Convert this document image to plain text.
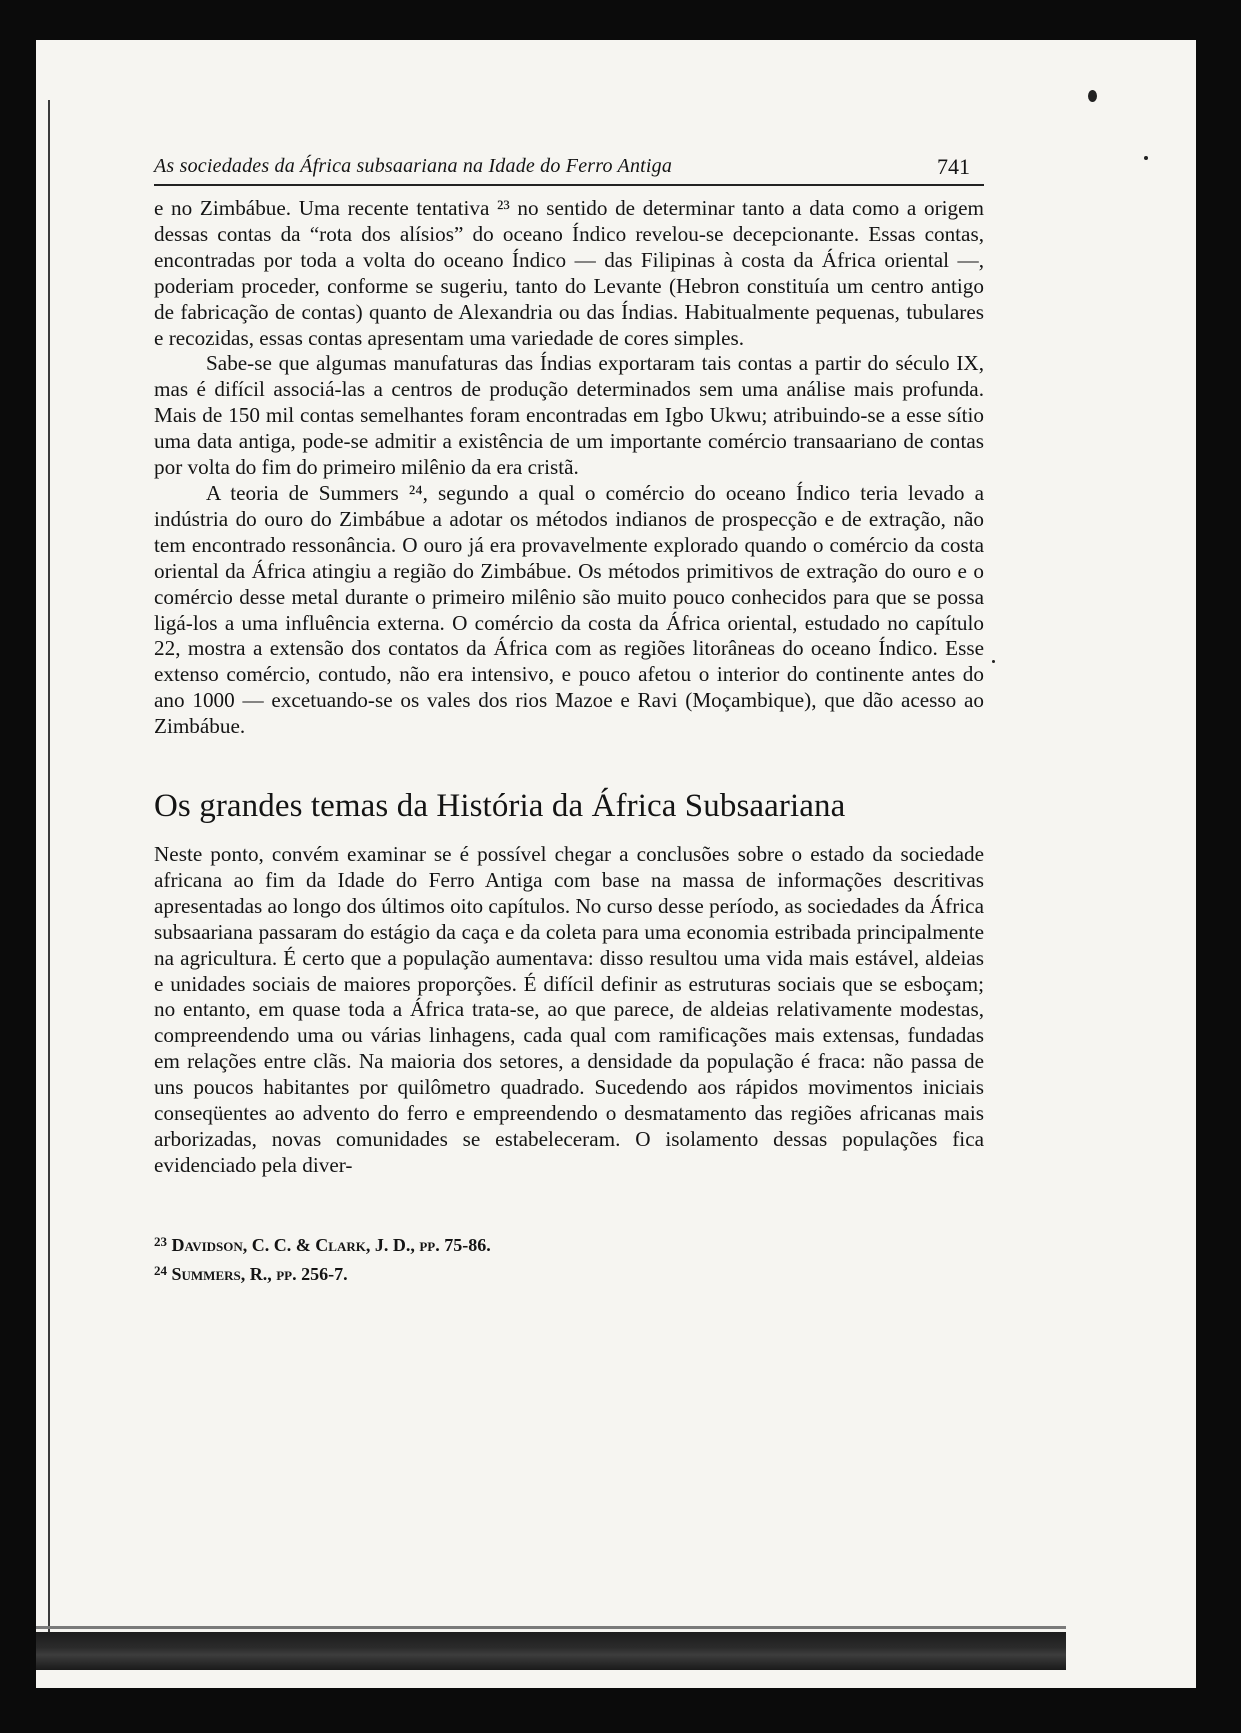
As sociedades da África subsaariana na Idade do Ferro Antiga	741

e no Zimbábue. Uma recente tentativa ²³ no sentido de determinar tanto a data como a origem dessas contas da “rota dos alísios” do oceano Índico revelou-se decepcionante. Essas contas, encontradas por toda a volta do oceano Índico — das Filipinas à costa da África oriental —, poderiam proceder, conforme se sugeriu, tanto do Levante (Hebron constituía um centro antigo de fabricação de contas) quanto de Alexandria ou das Índias. Habitualmente pequenas, tubulares e recozidas, essas contas apresentam uma variedade de cores simples.

Sabe-se que algumas manufaturas das Índias exportaram tais contas a partir do século IX, mas é difícil associá-las a centros de produção determinados sem uma análise mais profunda. Mais de 150 mil contas semelhantes foram encontradas em Igbo Ukwu; atribuindo-se a esse sítio uma data antiga, pode-se admitir a existência de um importante comércio transaariano de contas por volta do fim do primeiro milênio da era cristã.

A teoria de Summers ²⁴, segundo a qual o comércio do oceano Índico teria levado a indústria do ouro do Zimbábue a adotar os métodos indianos de prospecção e de extração, não tem encontrado ressonância. O ouro já era provavelmente explorado quando o comércio da costa oriental da África atingiu a região do Zimbábue. Os métodos primitivos de extração do ouro e o comércio desse metal durante o primeiro milênio são muito pouco conhecidos para que se possa ligá-los a uma influência externa. O comércio da costa da África oriental, estudado no capítulo 22, mostra a extensão dos contatos da África com as regiões litorâneas do oceano Índico. Esse extenso comércio, contudo, não era intensivo, e pouco afetou o interior do continente antes do ano 1000 — excetuando-se os vales dos rios Mazoe e Ravi (Moçambique), que dão acesso ao Zimbábue.

Os grandes temas da História da África Subsaariana

Neste ponto, convém examinar se é possível chegar a conclusões sobre o estado da sociedade africana ao fim da Idade do Ferro Antiga com base na massa de informações descritivas apresentadas ao longo dos últimos oito capítulos. No curso desse período, as sociedades da África subsaariana passaram do estágio da caça e da coleta para uma economia estribada principalmente na agricultura. É certo que a população aumentava: disso resultou uma vida mais estável, aldeias e unidades sociais de maiores proporções. É difícil definir as estruturas sociais que se esboçam; no entanto, em quase toda a África trata-se, ao que parece, de aldeias relativamente modestas, compreendendo uma ou várias linhagens, cada qual com ramificações mais extensas, fundadas em relações entre clãs. Na maioria dos setores, a densidade da população é fraca: não passa de uns poucos habitantes por quilômetro quadrado. Sucedendo aos rápidos movimentos iniciais conseqüentes ao advento do ferro e empreendendo o desmatamento das regiões africanas mais arborizadas, novas comunidades se estabeleceram. O isolamento dessas populações fica evidenciado pela diver-

$^{23}$ Davidson, C. C. & Clark, J. D., pp. 75-86.
$^{24}$ Summers, R., pp. 256-7.
